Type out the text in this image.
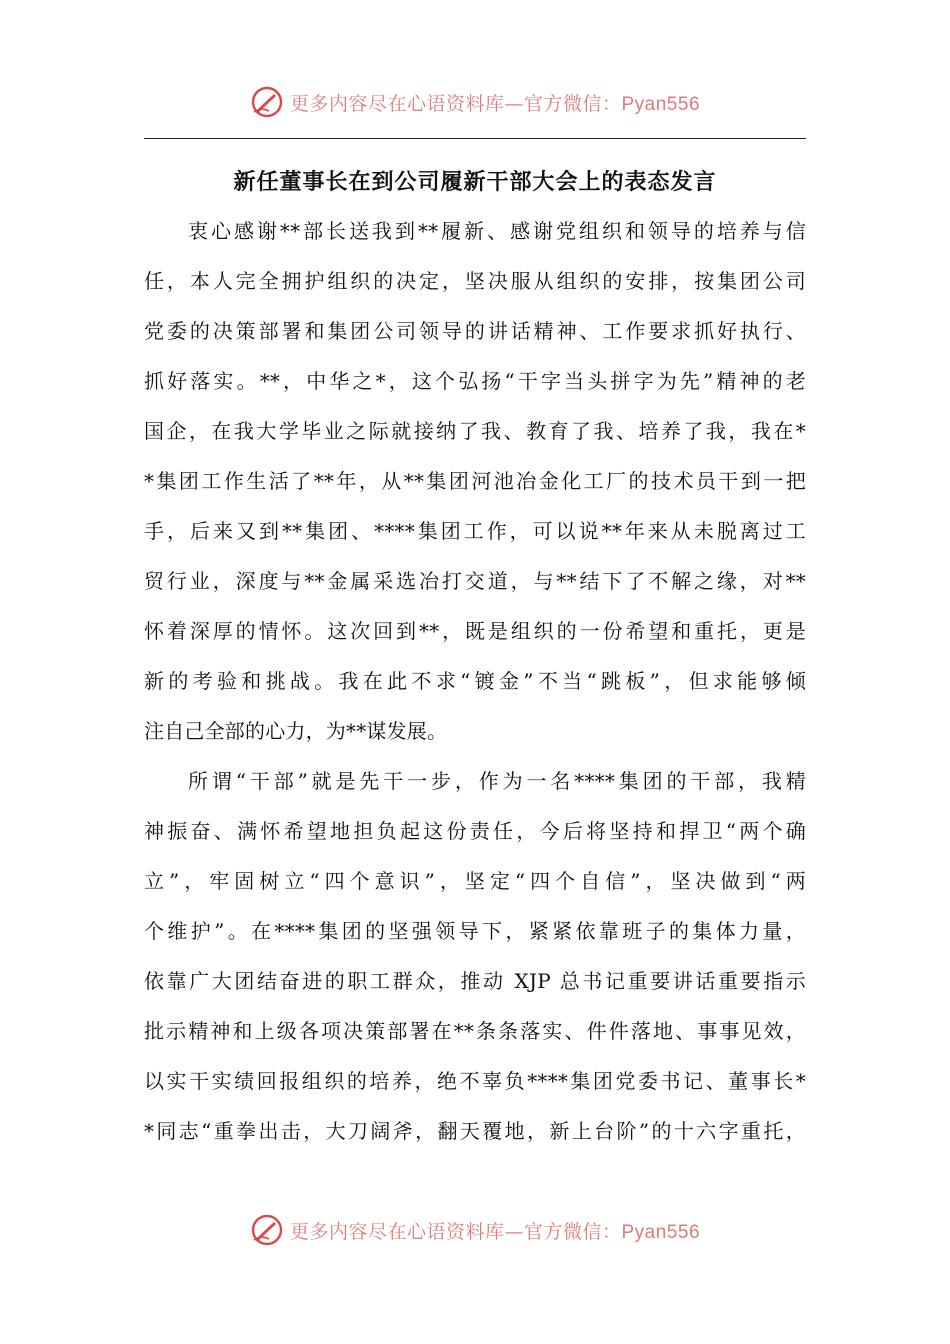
更多内容尽在心语资料库—官方微信：Pyan556
新任董事长在到公司履新干部大会上的表态发言
衷心感谢**部长送我到**履新、感谢党组织和领导的培养与信
任，本人完全拥护组织的决定，坚决服从组织的安排，按集团公司
党委的决策部署和集团公司领导的讲话精神、工作要求抓好执行、
抓好落实。**，中华之*，这个弘扬“干字当头拼字为先”精神的老
国企，在我大学毕业之际就接纳了我、教育了我、培养了我，我在*
*集团工作生活了**年，从**集团河池冶金化工厂的技术员干到一把
手，后来又到**集团、****集团工作，可以说**年来从未脱离过工
贸行业，深度与**金属采选冶打交道，与**结下了不解之缘，对**
怀着深厚的情怀。这次回到**，既是组织的一份希望和重托，更是
新的考验和挑战。我在此不求“镀金”不当“跳板”，但求能够倾
注自己全部的心力，为**谋发展。
所谓“干部”就是先干一步，作为一名****集团的干部，我精
神振奋、满怀希望地担负起这份责任，今后将坚持和捍卫“两个确
立”，牢固树立“四个意识”，坚定“四个自信”，坚决做到“两
个维护”。在****集团的坚强领导下，紧紧依靠班子的集体力量，
依靠广大团结奋进的职工群众，推动 XJP 总书记重要讲话重要指示
批示精神和上级各项决策部署在**条条落实、件件落地、事事见效，
以实干实绩回报组织的培养，绝不辜负****集团党委书记、董事长*
*同志“重拳出击，大刀阔斧，翻天覆地，新上台阶”的十六字重托，
更多内容尽在心语资料库—官方微信：Pyan556
